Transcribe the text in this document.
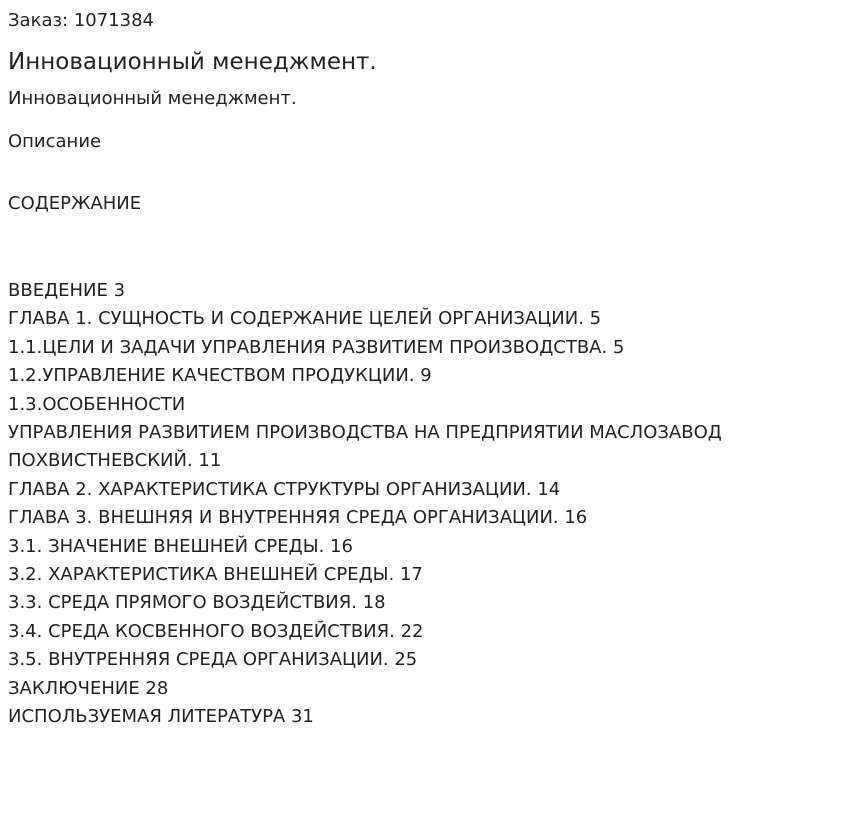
Заказ: 1071384
Инновационный менеджмент.
Инновационный менеджмент.
Описание
СОДЕРЖАНИЕ
ВВЕДЕНИЕ 3
ГЛАВА 1. СУЩНОСТЬ И СОДЕРЖАНИЕ ЦЕЛЕЙ ОРГАНИЗАЦИИ. 5
1.1.ЦЕЛИ И ЗАДАЧИ УПРАВЛЕНИЯ РАЗВИТИЕМ ПРОИЗВОДСТВА. 5
1.2.УПРАВЛЕНИЕ КАЧЕСТВОМ ПРОДУКЦИИ. 9
1.3.ОСОБЕННОСТИ
УПРАВЛЕНИЯ РАЗВИТИЕМ ПРОИЗВОДСТВА НА ПРЕДПРИЯТИИ МАСЛОЗАВОД
ПОХВИСТНЕВСКИЙ. 11
ГЛАВА 2. ХАРАКТЕРИСТИКА СТРУКТУРЫ ОРГАНИЗАЦИИ. 14
ГЛАВА 3. ВНЕШНЯЯ И ВНУТРЕННЯЯ СРЕДА ОРГАНИЗАЦИИ. 16
3.1. ЗНАЧЕНИЕ ВНЕШНЕЙ СРЕДЫ. 16
3.2. ХАРАКТЕРИСТИКА ВНЕШНЕЙ СРЕДЫ. 17
3.3. СРЕДА ПРЯМОГО ВОЗДЕЙСТВИЯ. 18
3.4. СРЕДА КОСВЕННОГО ВОЗДЕЙСТВИЯ. 22
3.5. ВНУТРЕННЯЯ СРЕДА ОРГАНИЗАЦИИ. 25
ЗАКЛЮЧЕНИЕ 28
ИСПОЛЬЗУЕМАЯ ЛИТЕРАТУРА 31
